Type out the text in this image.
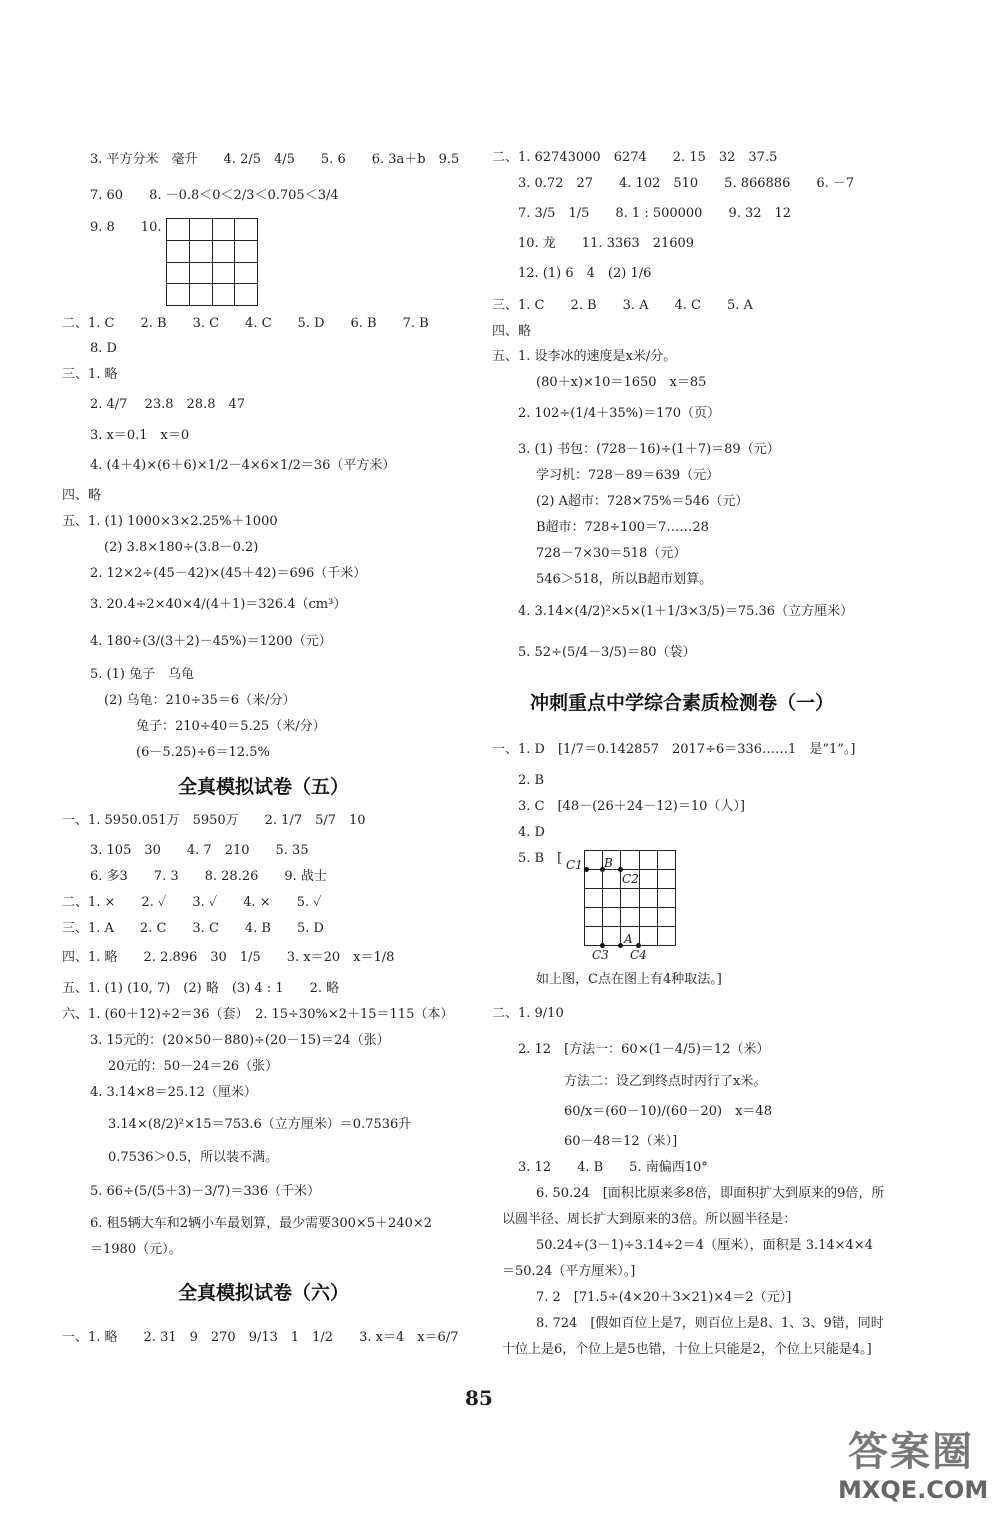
3. 平方分米　毫升　　4. 2/5　4/5　　5. 6　　6. 3a＋b　9.5
7. 60　　8. －0.8＜0＜2/3＜0.705＜3/4
9. 8　　10.
二、1. C　　2. B　　3. C　　4. C　　5. D　　6. B　　7. B
8. D
三、1. 略
2. 4/7　 23.8　28.8　47
3. x＝0.1　x＝0
4. (4＋4)×(6＋6)×1/2－4×6×1/2＝36（平方米）
四、略
五、1. (1) 1000×3×2.25%＋1000
(2) 3.8×180÷(3.8－0.2)
2. 12×2÷(45－42)×(45＋42)＝696（千米）
3. 20.4÷2×40×4/(4＋1)＝326.4（cm³）
4. 180÷(3/(3＋2)－45%)＝1200（元）
5. (1) 兔子　乌龟
(2) 乌龟：210÷35＝6（米/分）
兔子：210÷40＝5.25（米/分）
(6－5.25)÷6＝12.5%
一、1. 5950.051万　5950万　　2. 1/7　5/7　10
3. 105　30　　4. 7　210　　5. 35
6. 多3　　7. 3　　8. 28.26　　9. 战士
二、1. ×　　2. ✓　　3. ✓　　4. ×　　5. ✓
三、1. A　　2. C　　3. C　　4. B　　5. D
四、1. 略　　2. 2.896　30　1/5　　3. x＝20　x＝1/8
五、1. (1) (10, 7)　(2) 略　(3) 4 : 1　　2. 略
六、1. (60＋12)÷2＝36（套）　2. 15÷30%×2＋15＝115（本）
3. 15元的：(20×50－880)÷(20－15)＝24（张）
20元的：50－24＝26（张）
4. 3.14×8＝25.12（厘米）
3.14×(8/2)²×15＝753.6（立方厘米）＝0.7536升
0.7536＞0.5，所以装不满。
5. 66÷(5/(5＋3)－3/7)＝336（千米）
6. 租5辆大车和2辆小车最划算，最少需要300×5＋240×2
＝1980（元）。
一、1. 略　　2. 31　9　270　9/13　1　1/2　　3. x＝4　x＝6/7
二、1. 62743000　6274　　2. 15　32　37.5
3. 0.72　27　　4. 102　510　　5. 866886　　6. －7
7. 3/5　1/5　　8. 1 : 500000　　9. 32　12
10. 龙　　11. 3363　21609
12. (1) 6　4　(2) 1/6
三、1. C　　2. B　　3. A　　4. C　　5. A
四、略
五、1. 设李冰的速度是x米/分。
(80＋x)×10＝1650　x＝85
2. 102÷(1/4＋35%)＝170（页）
3. (1) 书包：(728－16)÷(1＋7)＝89（元）
学习机：728－89＝639（元）
(2) A超市：728×75%＝546（元）
B超市：728÷100＝7……28
728－7×30＝518（元）
546＞518，所以B超市划算。
4. 3.14×(4/2)²×5×(1＋1/3×3/5)＝75.36（立方厘米）
5. 52÷(5/4－3/5)＝80（袋）
一、1. D　[1/7＝0.142857　2017÷6＝336……1　是“1”。]
2. B
3. C　[48－(26＋24－12)＝10（人）]
4. D
5. B　[
如上图，C点在图上有4种取法。]
二、1. 9/10
2. 12　[方法一：60×(1－4/5)＝12（米）
方法二：设乙到终点时丙行了x米。
60/x＝(60－10)/(60－20)　x＝48
60－48＝12（米）]
3. 12　　4. B　　5. 南偏西10°
6. 50.24　[面积比原来多8倍，即面积扩大到原来的9倍，所
以圆半径、周长扩大到原来的3倍。所以圆半径是：
50.24÷(3－1)÷3.14÷2＝4（厘米），面积是 3.14×4×4
＝50.24（平方厘米）。]
7. 2　[71.5÷(4×20＋3×21)×4＝2（元）]
8. 724　[假如百位上是7，则百位上是8、1、3、9错，同时
十位上是6，个位上是5也错，十位上只能是2，个位上只能是4。]
全真模拟试卷（五）
全真模拟试卷（六）
冲刺重点中学综合素质检测卷（一）

C1 B
C2
C3
A
C4
85
答案圈
MXQE.COM
